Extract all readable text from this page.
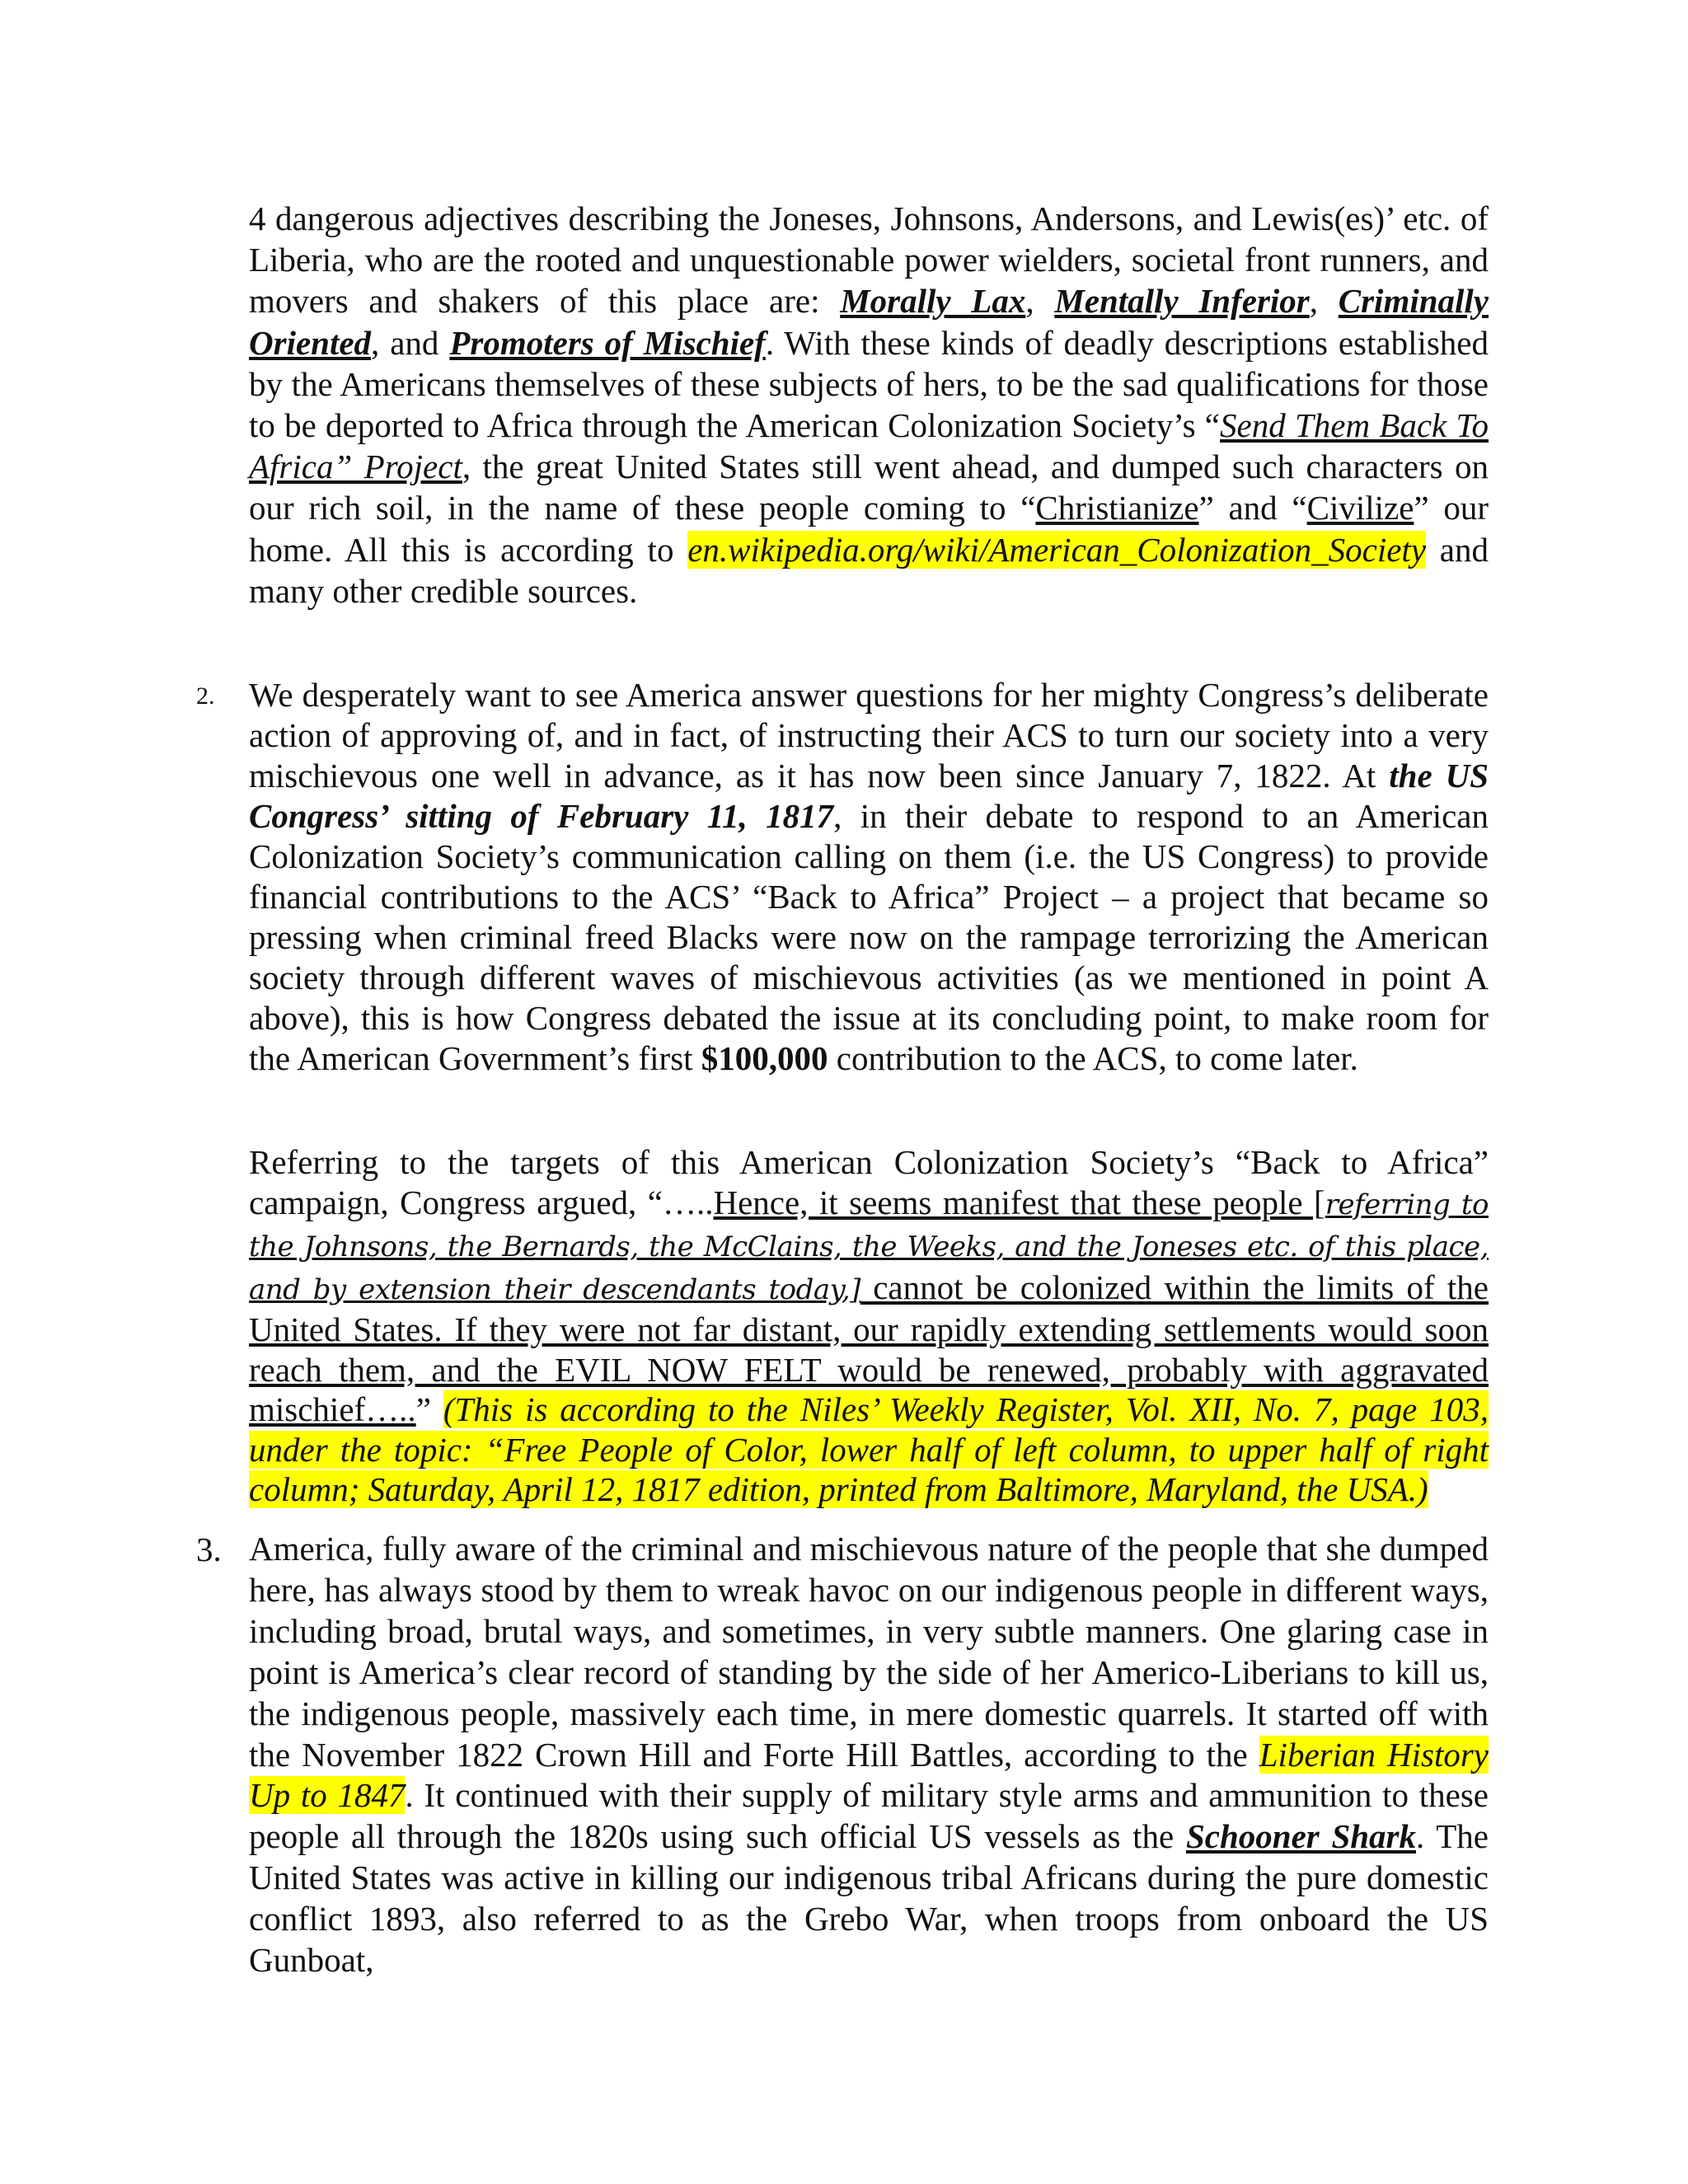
4 dangerous adjectives describing the Joneses, Johnsons, Andersons, and Lewis(es)’ etc. of Liberia, who are the rooted and unquestionable power wielders, societal front runners, and movers and shakers of this place are: Morally Lax, Mentally Inferior, Criminally Oriented, and Promoters of Mischief. With these kinds of deadly descriptions established by the Americans themselves of these subjects of hers, to be the sad qualifications for those to be deported to Africa through the American Colonization Society’s “Send Them Back To Africa” Project, the great United States still went ahead, and dumped such characters on our rich soil, in the name of these people coming to “Christianize” and “Civilize” our home. All this is according to en.wikipedia.org/wiki/American_Colonization_Society and many other credible sources.

2. We desperately want to see America answer questions for her mighty Congress’s deliberate action of approving of, and in fact, of instructing their ACS to turn our society into a very mischievous one well in advance, as it has now been since January 7, 1822. At the US Congress’ sitting of February 11, 1817, in their debate to respond to an American Colonization Society’s communication calling on them (i.e. the US Congress) to provide financial contributions to the ACS’ “Back to Africa” Project – a project that became so pressing when criminal freed Blacks were now on the rampage terrorizing the American society through different waves of mischievous activities (as we mentioned in point A above), this is how Congress debated the issue at its concluding point, to make room for the American Government’s first $100,000 contribution to the ACS, to come later.

Referring to the targets of this American Colonization Society’s “Back to Africa” campaign, Congress argued, “…..Hence, it seems manifest that these people [referring to the Johnsons, the Bernards, the McClains, the Weeks, and the Joneses etc. of this place, and by extension their descendants today,] cannot be colonized within the limits of the United States. If they were not far distant, our rapidly extending settlements would soon reach them, and the EVIL NOW FELT would be renewed, probably with aggravated mischief…..” (This is according to the Niles’ Weekly Register, Vol. XII, No. 7, page 103, under the topic: “Free People of Color, lower half of left column, to upper half of right column; Saturday, April 12, 1817 edition, printed from Baltimore, Maryland, the USA.)

3. America, fully aware of the criminal and mischievous nature of the people that she dumped here, has always stood by them to wreak havoc on our indigenous people in different ways, including broad, brutal ways, and sometimes, in very subtle manners. One glaring case in point is America’s clear record of standing by the side of her Americo-Liberians to kill us, the indigenous people, massively each time, in mere domestic quarrels. It started off with the November 1822 Crown Hill and Forte Hill Battles, according to the Liberian History Up to 1847. It continued with their supply of military style arms and ammunition to these people all through the 1820s using such official US vessels as the Schooner Shark. The United States was active in killing our indigenous tribal Africans during the pure domestic conflict 1893, also referred to as the Grebo War, when troops from onboard the US Gunboat,
